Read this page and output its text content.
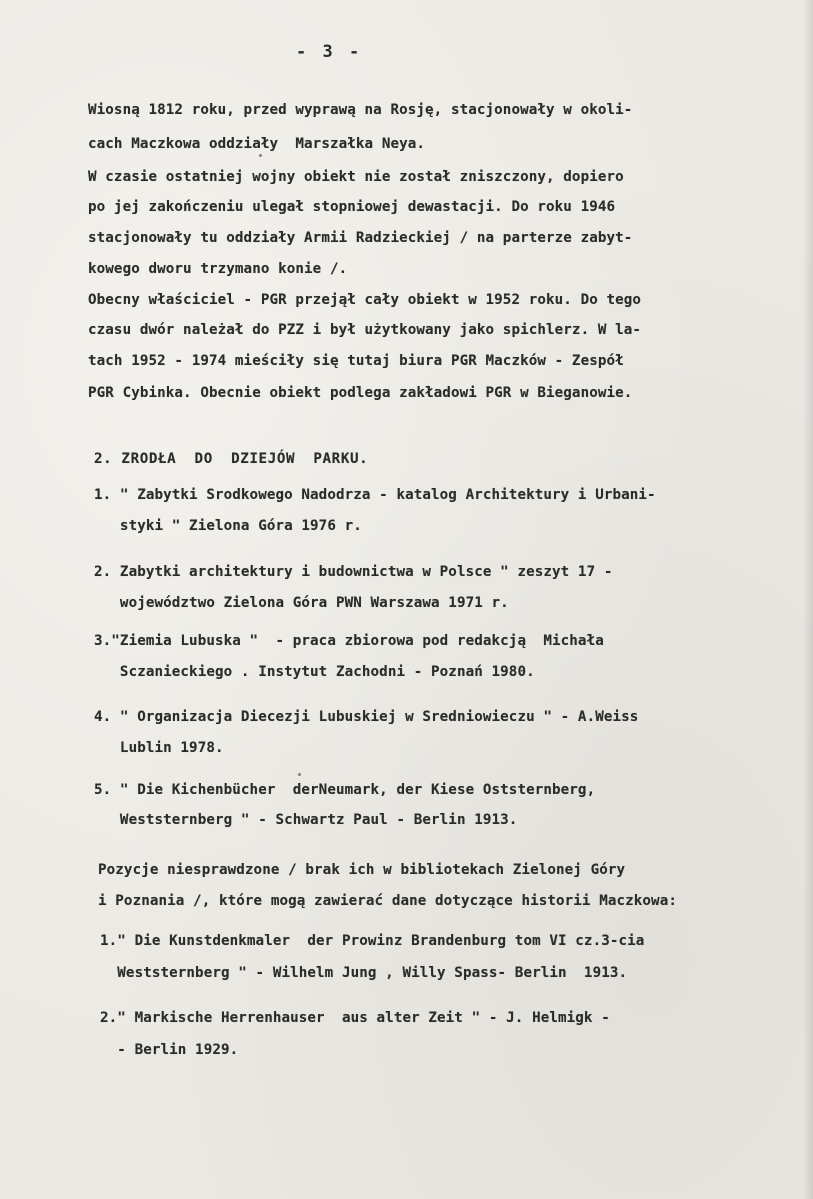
- 3 -
Wiosną 1812 roku, przed wyprawą na Rosję, stacjonowały w okoli-
cach Maczkowa oddziały  Marszałka Neya.
W czasie ostatniej wojny obiekt nie został zniszczony, dopiero
po jej zakończeniu ulegał stopniowej dewastacji. Do roku 1946
stacjonowały tu oddziały Armii Radzieckiej / na parterze zabyt-
kowego dworu trzymano konie /.
Obecny właściciel - PGR przejął cały obiekt w 1952 roku. Do tego
czasu dwór należał do PZZ i był użytkowany jako spichlerz. W la-
tach 1952 - 1974 mieściły się tutaj biura PGR Maczków - Zespół
PGR Cybinka. Obecnie obiekt podlega zakładowi PGR w Bieganowie.
2. ZRODŁA  DO  DZIEJÓW  PARKU.
1. " Zabytki Srodkowego Nadodrza - katalog Architektury i Urbani-
styki " Zielona Góra 1976 r.
2. Zabytki architektury i budownictwa w Polsce " zeszyt 17 -
województwo Zielona Góra PWN Warszawa 1971 r.
3."Ziemia Lubuska "  - praca zbiorowa pod redakcją  Michała
Sczanieckiego . Instytut Zachodni - Poznań 1980.
4. " Organizacja Diecezji Lubuskiej w Sredniowieczu " - A.Weiss
Lublin 1978.
5. " Die Kichenbücher  derNeumark, der Kiese Oststernberg,
Weststernberg " - Schwartz Paul - Berlin 1913.
Pozycje niesprawdzone / brak ich w bibliotekach Zielonej Góry
i Poznania /, które mogą zawierać dane dotyczące historii Maczkowa:
1." Die Kunstdenkmaler  der Prowinz Brandenburg tom VI cz.3-cia
Weststernberg " - Wilhelm Jung , Willy Spass- Berlin  1913.
2." Markische Herrenhauser  aus alter Zeit " - J. Helmigk -
- Berlin 1929.
